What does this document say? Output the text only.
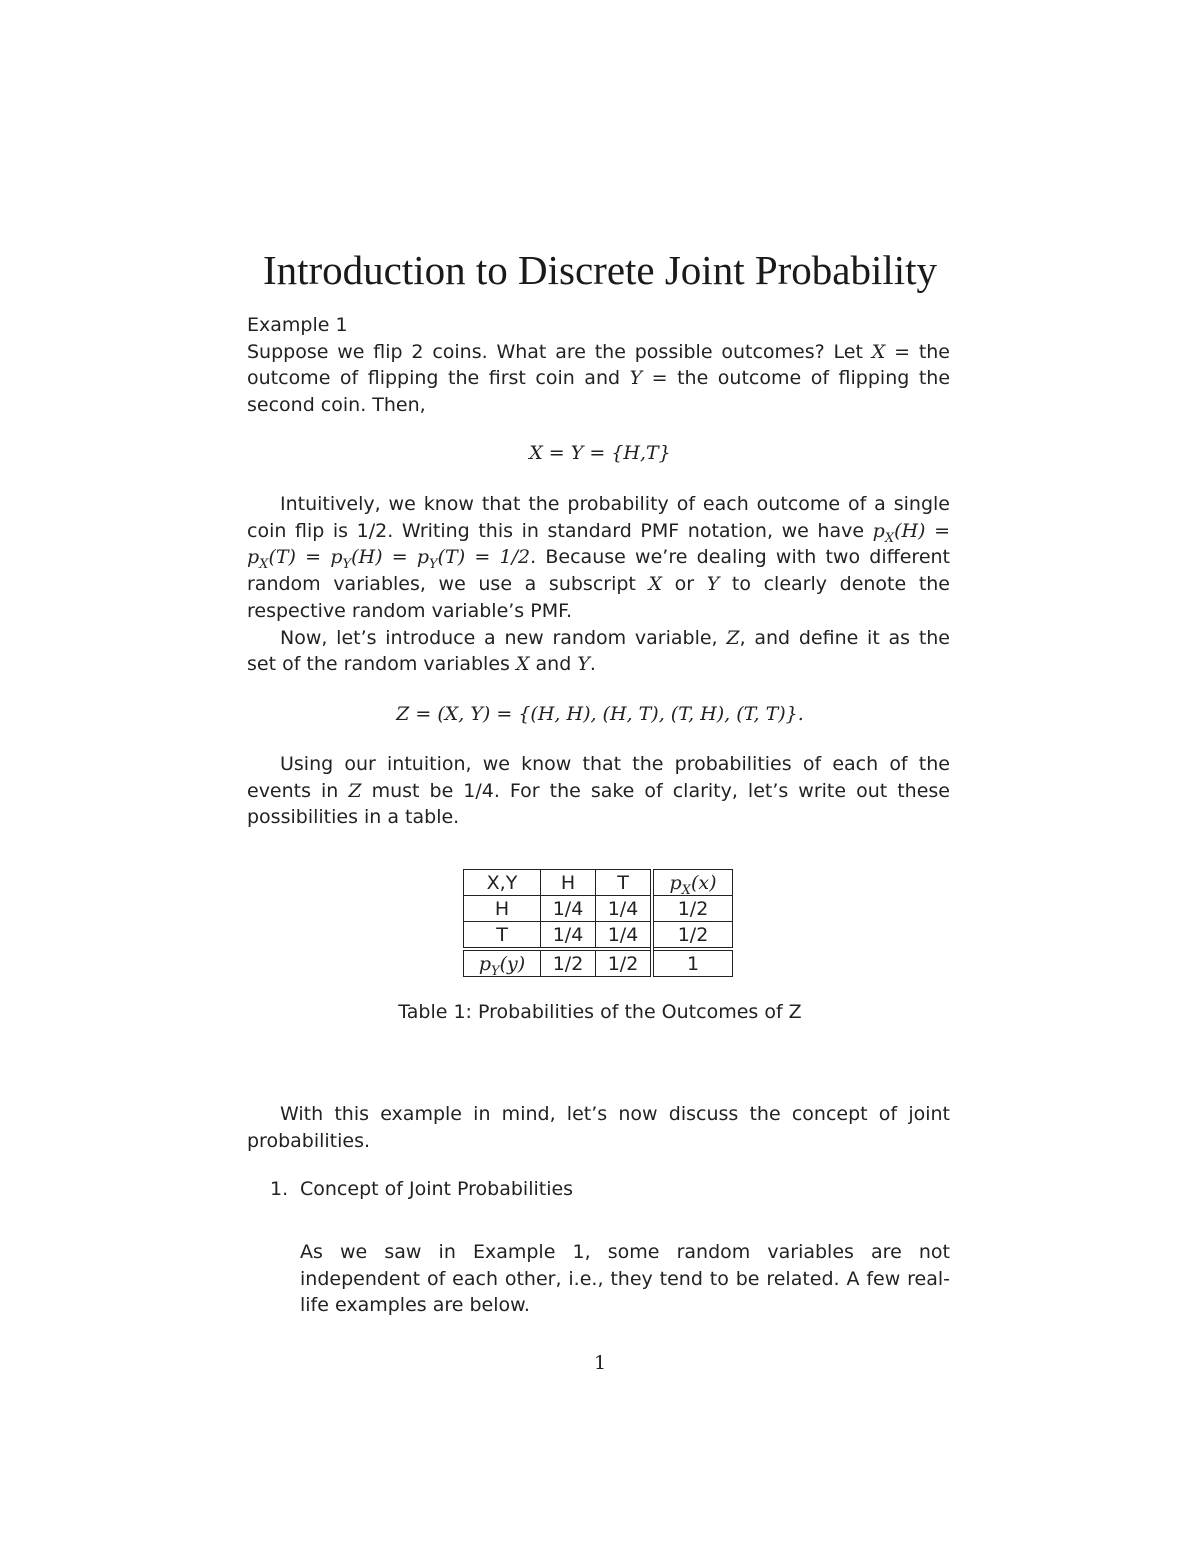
Introduction to Discrete Joint Probability

Example 1

Suppose we flip 2 coins. What are the possible outcomes? Let X = the outcome of flipping the first coin and Y = the outcome of flipping the second coin. Then,

X = Y = {H,T}

Intuitively, we know that the probability of each outcome of a single coin flip is 1/2. Writing this in standard PMF notation, we have $p_X(H) = p_X(T) = p_Y(H) = p_Y(T) = 1/2$. Because we’re dealing with two different random variables, we use a subscript X or Y to clearly denote the respective random variable’s PMF.

Now, let’s introduce a new random variable, Z, and define it as the set of the random variables X and Y.

Z = (X, Y) = {(H, H), (H, T), (T, H), (T, T)}.

Using our intuition, we know that the probabilities of each of the events in Z must be 1/4. For the sake of clarity, let’s write out these possibilities in a table.

X,Y	H	T	$p_X(x)$
H	1/4	1/4	1/2
T	1/4	1/4	1/2
$p_Y(y)$	1/2	1/2	1
Table 1: Probabilities of the Outcomes of Z

With this example in mind, let’s now discuss the concept of joint probabilities.

1. Concept of Joint Probabilities

As we saw in Example 1, some random variables are not independent of each other, i.e., they tend to be related. A few real-life examples are below.

1
